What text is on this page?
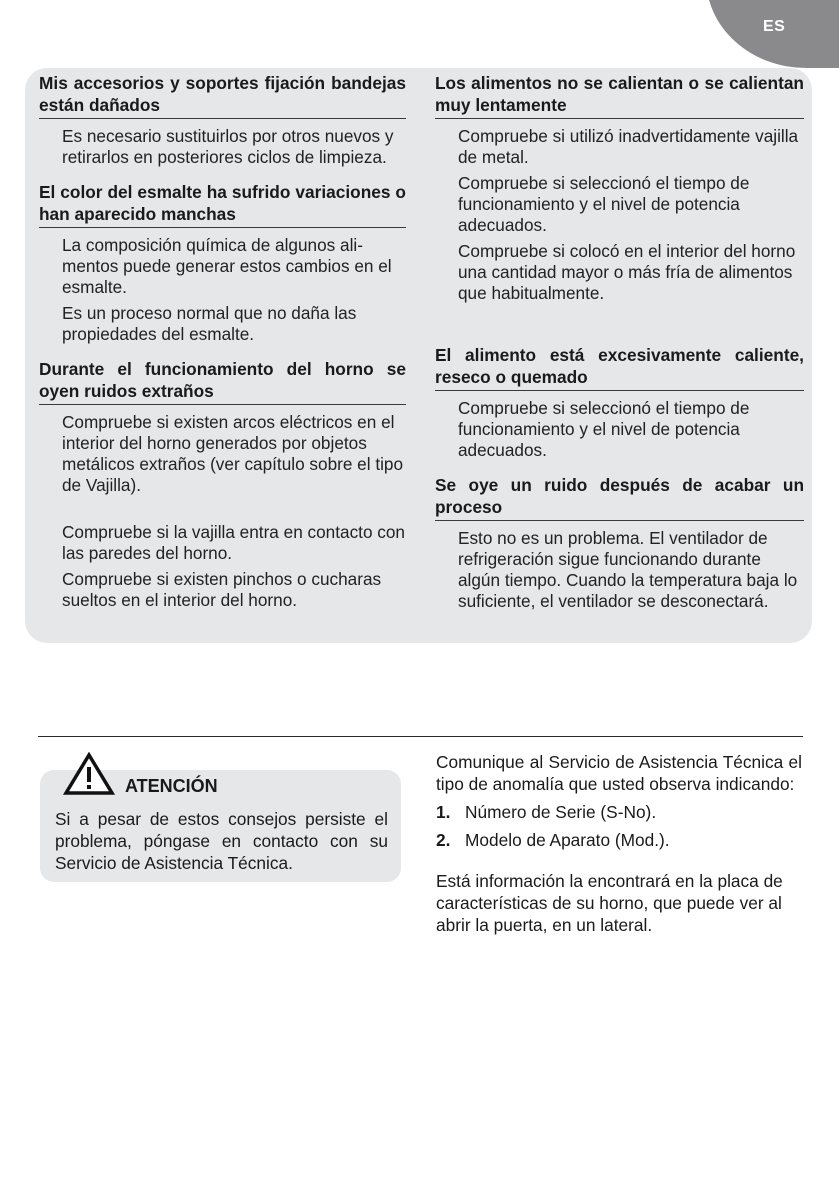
ES
Mis accesorios y soportes fijación bandejas están dañados
Es necesario sustituirlos por otros nuevos y retirarlos en posteriores ciclos de limpieza.
El color del esmalte ha sufrido variaciones o han aparecido manchas
La composición química de algunos ali-mentos puede generar estos cambios en el esmalte.
Es un proceso normal que no daña las propiedades del esmalte.
Durante el funcionamiento del horno se oyen ruidos extraños
Compruebe si existen arcos eléctricos en el interior del horno generados por objetos metálicos extraños (ver capítulo sobre el tipo de Vajilla).
Compruebe si la vajilla entra en contacto con las paredes del horno.
Compruebe si existen pinchos o cucharas sueltos en el interior del horno.
Los alimentos no se calientan o se calientan muy lentamente
Compruebe si utilizó inadvertidamente vajilla de metal.
Compruebe si seleccionó el tiempo de funcionamiento y el nivel de potencia adecuados.
Compruebe si colocó en el interior del horno una cantidad mayor o más fría de alimentos que habitualmente.
El alimento está excesivamente caliente, reseco o quemado
Compruebe si seleccionó el tiempo de funcionamiento y el nivel de potencia adecuados.
Se oye un ruido después de acabar un proceso
Esto no es un problema. El ventilador de refrigeración sigue funcionando durante algún tiempo. Cuando la temperatura baja lo suficiente, el ventilador se desconectará.
ATENCIÓN
Si a pesar de estos consejos persiste el problema, póngase en contacto con su Servicio de Asistencia Técnica.
Comunique al Servicio de Asistencia Técnica el tipo de anomalía que usted observa indicando:
1. Número de Serie (S-No).
2. Modelo de Aparato (Mod.).
Está información la encontrará en la placa de características de su horno, que puede ver al abrir la puerta, en un lateral.
